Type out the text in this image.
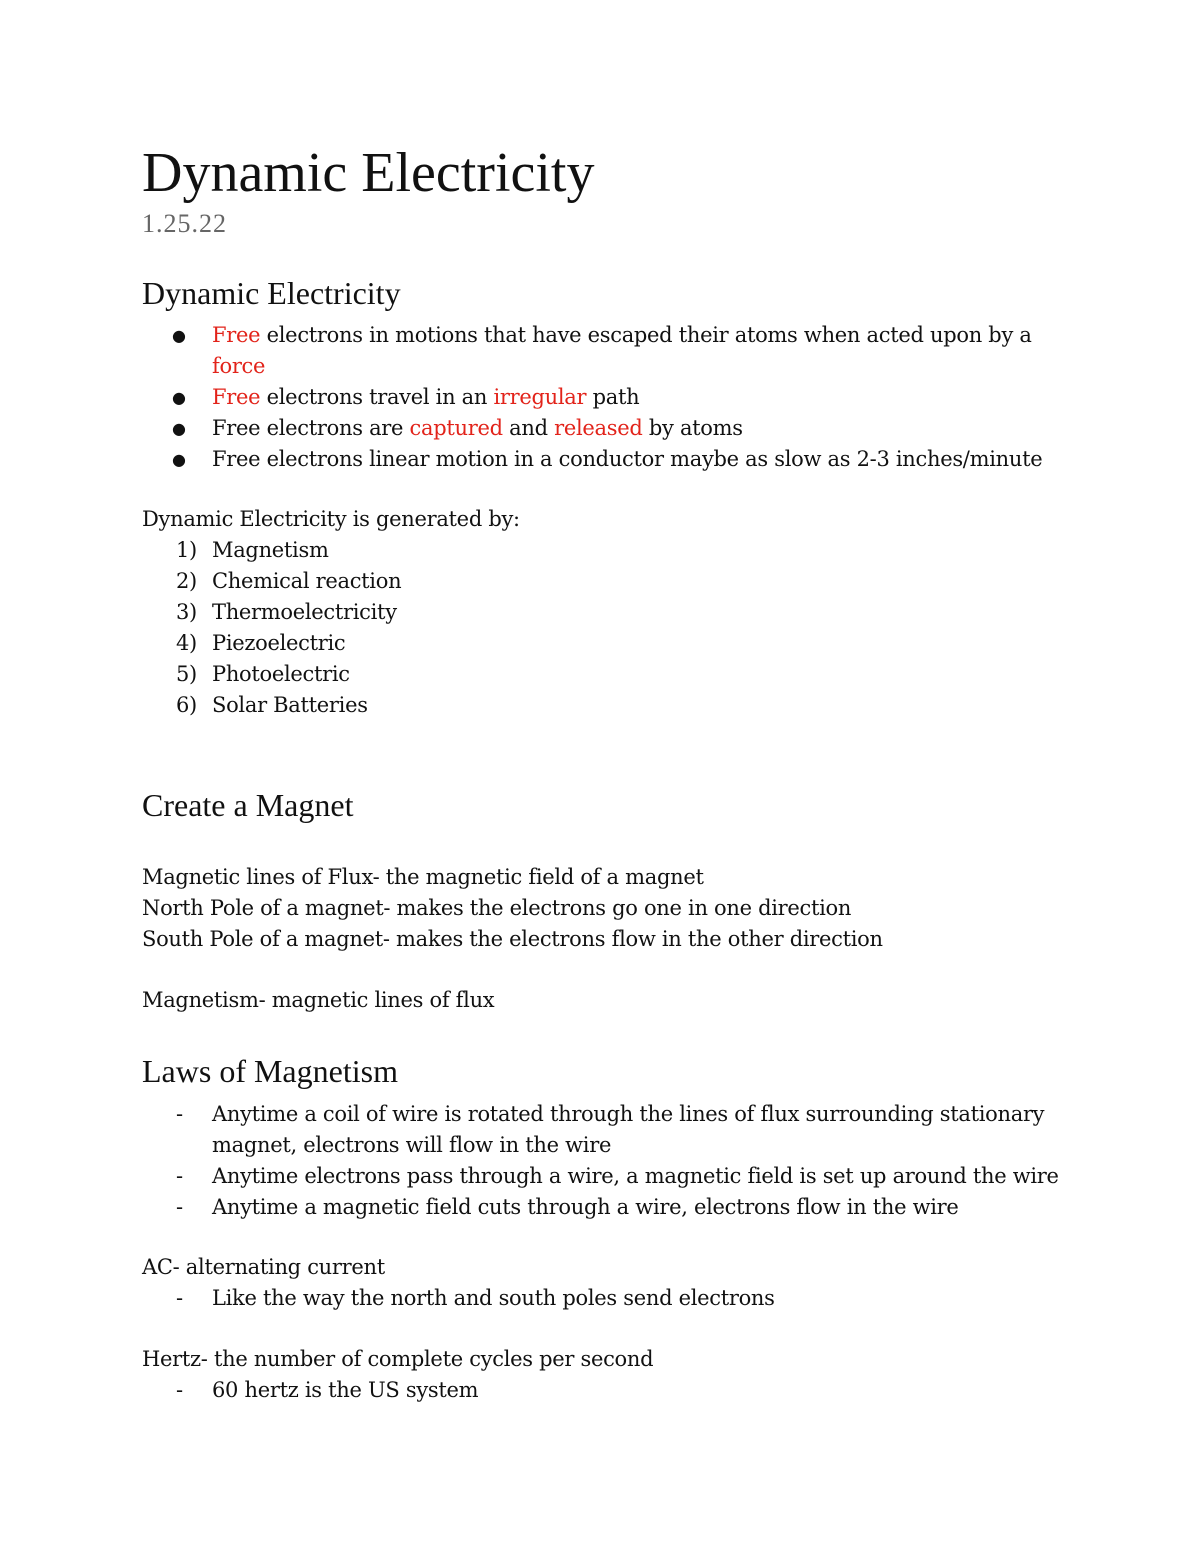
Dynamic Electricity
1.25.22
Dynamic Electricity
● Free electrons in motions that have escaped their atoms when acted upon by a
force
● Free electrons travel in an irregular path
● Free electrons are captured and released by atoms
● Free electrons linear motion in a conductor maybe as slow as 2-3 inches/minute

Dynamic Electricity is generated by:

1) Magnetism
2) Chemical reaction
3) Thermoelectricity
4) Piezoelectric
5) Photoelectric
6) Solar Batteries
Create a Magnet

Magnetic lines of Flux- the magnetic field of a magnet

North Pole of a magnet- makes the electrons go one in one direction

South Pole of a magnet- makes the electrons flow in the other direction

Magnetism- magnetic lines of flux

Laws of Magnetism
- Anytime a coil of wire is rotated through the lines of flux surrounding stationary
magnet, electrons will flow in the wire
- Anytime electrons pass through a wire, a magnetic field is set up around the wire
- Anytime a magnetic field cuts through a wire, electrons flow in the wire

AC- alternating current

- Like the way the north and south poles send electrons

Hertz- the number of complete cycles per second

- 60 hertz is the US system
